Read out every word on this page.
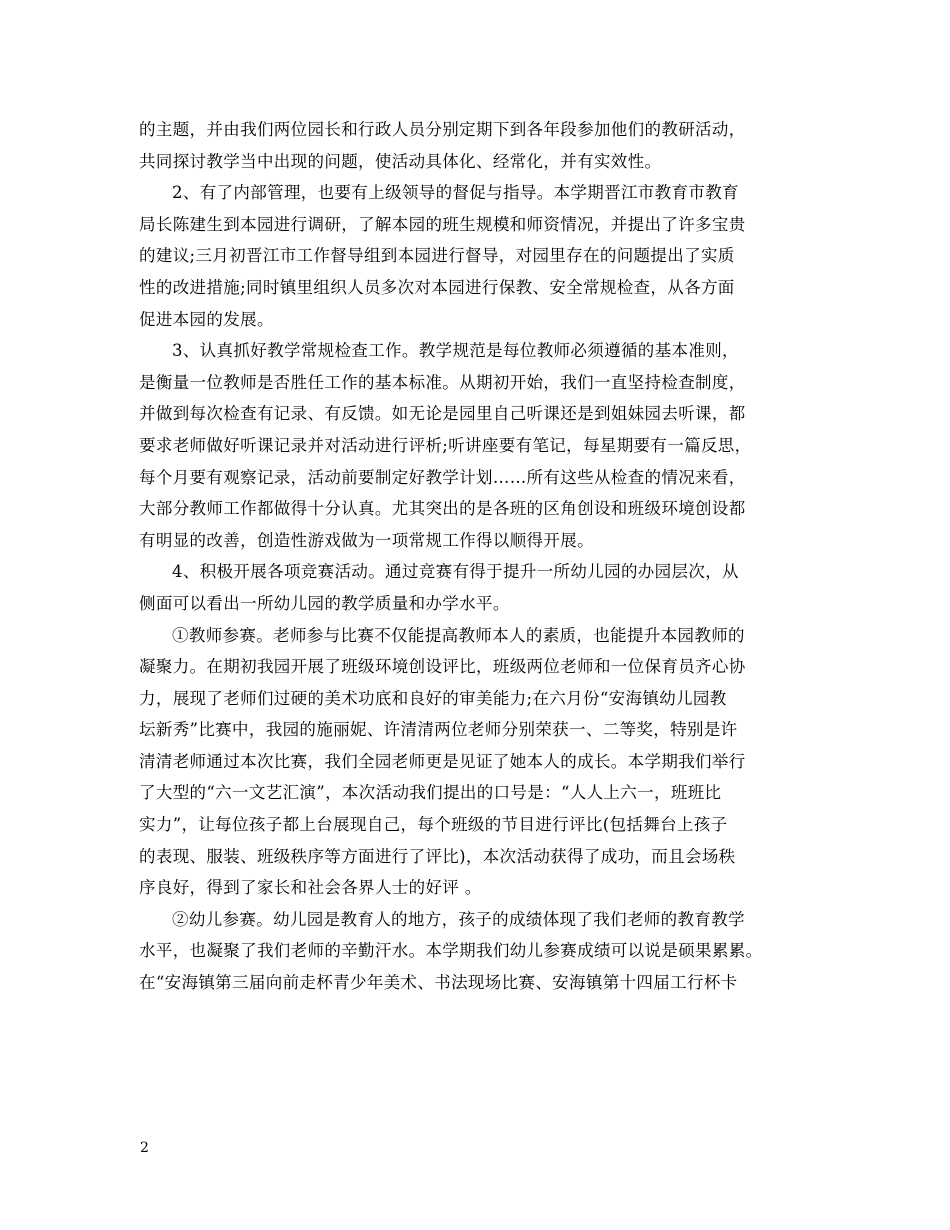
的主题，并由我们两位园长和行政人员分别定期下到各年段参加他们的教研活动，
共同探讨教学当中出现的问题，使活动具体化、经常化，并有实效性。
2、有了内部管理，也要有上级领导的督促与指导。本学期晋江市教育市教育
局长陈建生到本园进行调研，了解本园的班生规模和师资情况，并提出了许多宝贵
的建议;三月初晋江市工作督导组到本园进行督导，对园里存在的问题提出了实质
性的改进措施;同时镇里组织人员多次对本园进行保教、安全常规检查，从各方面
促进本园的发展。
3、认真抓好教学常规检查工作。教学规范是每位教师必须遵循的基本准则，
是衡量一位教师是否胜任工作的基本标准。从期初开始，我们一直坚持检查制度，
并做到每次检查有记录、有反馈。如无论是园里自己听课还是到姐妹园去听课，都
要求老师做好听课记录并对活动进行评析;听讲座要有笔记，每星期要有一篇反思，
每个月要有观察记录，活动前要制定好教学计划……所有这些从检查的情况来看，
大部分教师工作都做得十分认真。尤其突出的是各班的区角创设和班级环境创设都
有明显的改善，创造性游戏做为一项常规工作得以顺得开展。
4、积极开展各项竞赛活动。通过竞赛有得于提升一所幼儿园的办园层次，从
侧面可以看出一所幼儿园的教学质量和办学水平。
①教师参赛。老师参与比赛不仅能提高教师本人的素质，也能提升本园教师的
凝聚力。在期初我园开展了班级环境创设评比，班级两位老师和一位保育员齐心协
力，展现了老师们过硬的美术功底和良好的审美能力;在六月份“安海镇幼儿园教
坛新秀”比赛中，我园的施丽妮、许清清两位老师分别荣获一、二等奖，特别是许
清清老师通过本次比赛，我们全园老师更是见证了她本人的成长。本学期我们举行
了大型的“六一文艺汇演”，本次活动我们提出的口号是：“人人上六一，班班比
实力”，让每位孩子都上台展现自己，每个班级的节目进行评比(包括舞台上孩子
的表现、服装、班级秩序等方面进行了评比)，本次活动获得了成功，而且会场秩
序良好，得到了家长和社会各界人士的好评 。
②幼儿参赛。幼儿园是教育人的地方，孩子的成绩体现了我们老师的教育教学
水平，也凝聚了我们老师的辛勤汗水。本学期我们幼儿参赛成绩可以说是硕果累累。
在“安海镇第三届向前走杯青少年美术、书法现场比赛、安海镇第十四届工行杯卡
2
